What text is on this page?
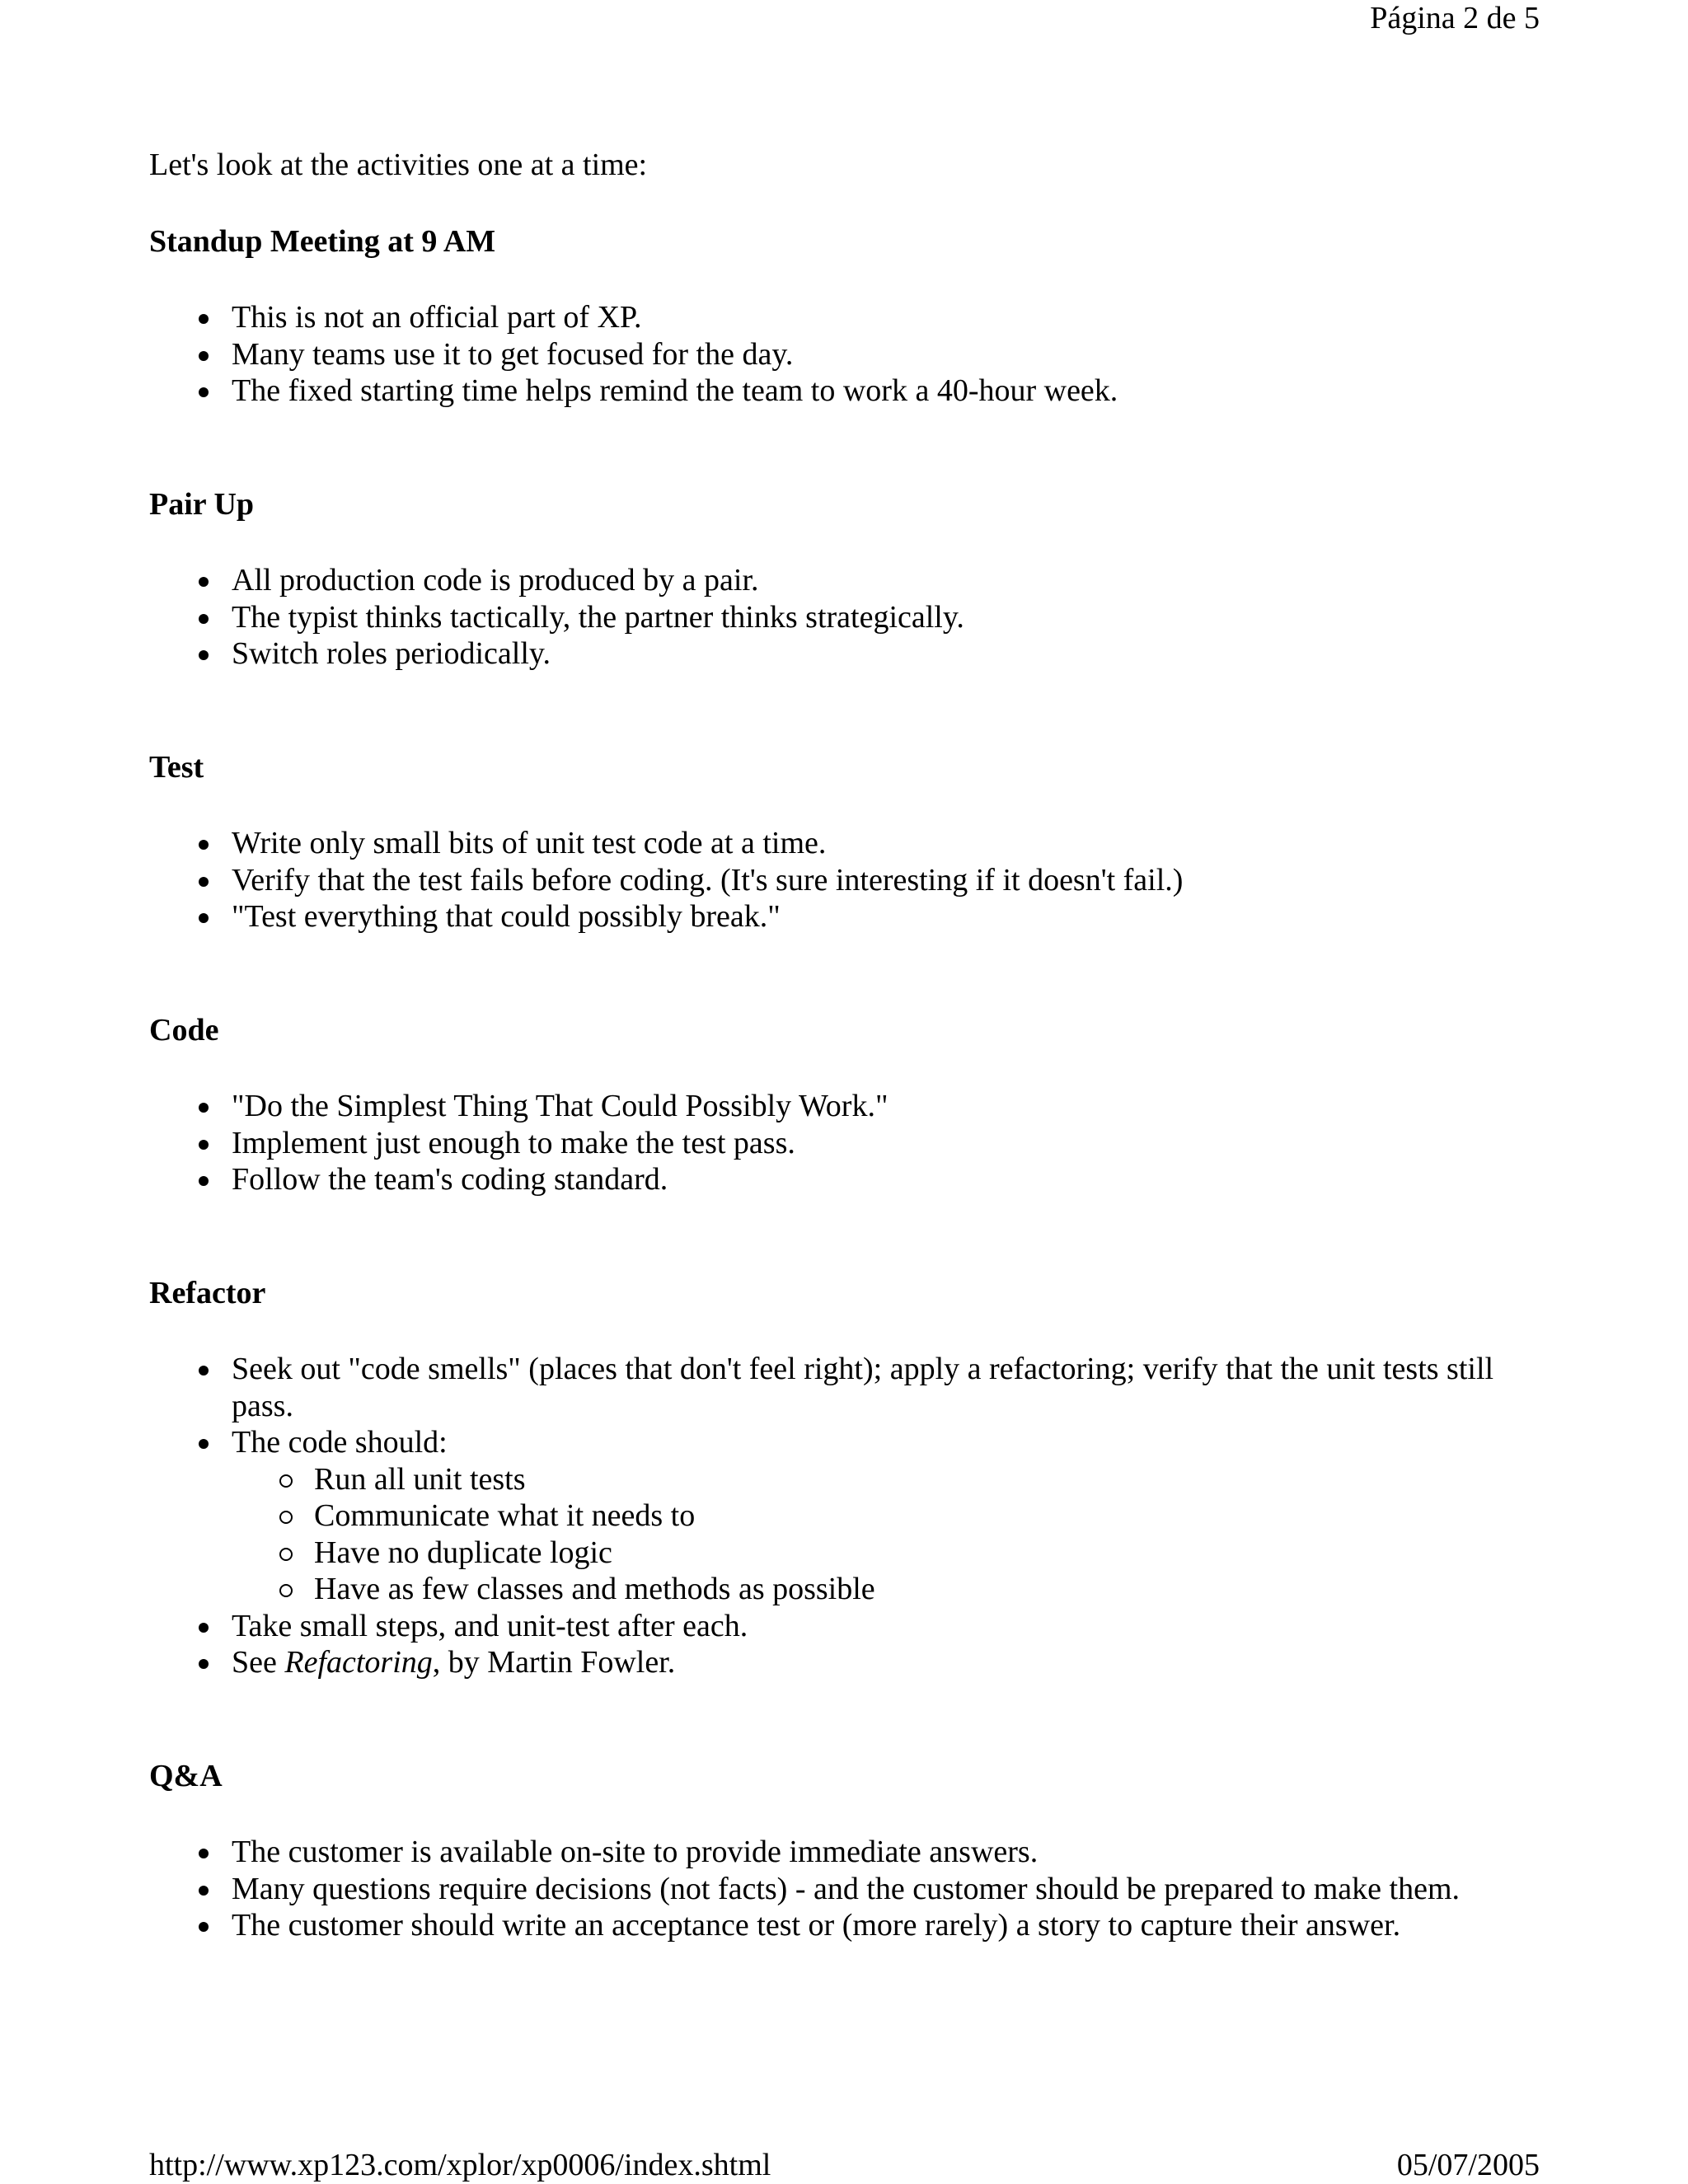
Página 2 de 5

Let's look at the activities one at a time:

Standup Meeting at 9 AM

This is not an official part of XP.
Many teams use it to get focused for the day.
The fixed starting time helps remind the team to work a 40-hour week.

Pair Up

All production code is produced by a pair.
The typist thinks tactically, the partner thinks strategically.
Switch roles periodically.

Test

Write only small bits of unit test code at a time.
Verify that the test fails before coding. (It's sure interesting if it doesn't fail.)
"Test everything that could possibly break."

Code

"Do the Simplest Thing That Could Possibly Work."
Implement just enough to make the test pass.
Follow the team's coding standard.

Refactor

Seek out "code smells" (places that don't feel right); apply a refactoring; verify that the unit tests still pass.
The code should:
Run all unit tests
Communicate what it needs to
Have no duplicate logic
Have as few classes and methods as possible
Take small steps, and unit-test after each.
See Refactoring, by Martin Fowler.

Q&A

The customer is available on-site to provide immediate answers.
Many questions require decisions (not facts) - and the customer should be prepared to make them.
The customer should write an acceptance test or (more rarely) a story to capture their answer.
http://www.xp123.com/xplor/xp0006/index.shtml	05/07/2005
